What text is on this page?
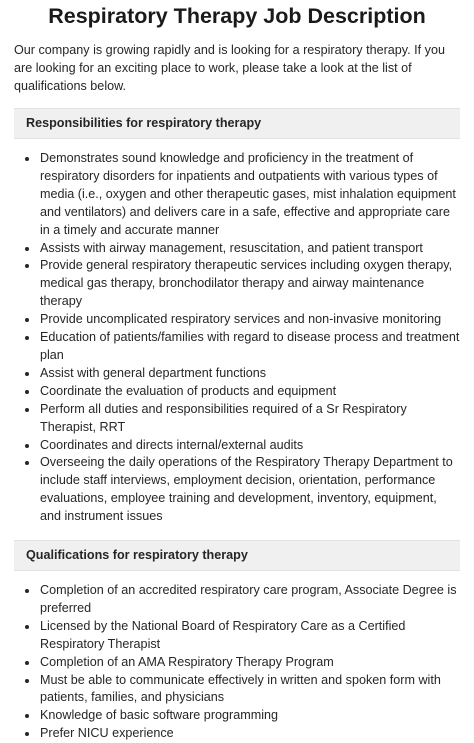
Respiratory Therapy Job Description

Our company is growing rapidly and is looking for a respiratory therapy. If you are looking for an exciting place to work, please take a look at the list of qualifications below.

Responsibilities for respiratory therapy
• Demonstrates sound knowledge and proficiency in the treatment of respiratory disorders for inpatients and outpatients with various types of media (i.e., oxygen and other therapeutic gases, mist inhalation equipment and ventilators) and delivers care in a safe, effective and appropriate care in a timely and accurate manner
• Assists with airway management, resuscitation, and patient transport
• Provide general respiratory therapeutic services including oxygen therapy, medical gas therapy, bronchodilator therapy and airway maintenance therapy
• Provide uncomplicated respiratory services and non-invasive monitoring
• Education of patients/families with regard to disease process and treatment plan
• Assist with general department functions
• Coordinate the evaluation of products and equipment
• Perform all duties and responsibilities required of a Sr Respiratory Therapist, RRT
• Coordinates and directs internal/external audits
• Overseeing the daily operations of the Respiratory Therapy Department to include staff interviews, employment decision, orientation, performance evaluations, employee training and development, inventory, equipment, and instrument issues
Qualifications for respiratory therapy
• Completion of an accredited respiratory care program, Associate Degree is preferred
• Licensed by the National Board of Respiratory Care as a Certified Respiratory Therapist
• Completion of an AMA Respiratory Therapy Program
• Must be able to communicate effectively in written and spoken form with patients, families, and physicians
• Knowledge of basic software programming
• Prefer NICU experience
